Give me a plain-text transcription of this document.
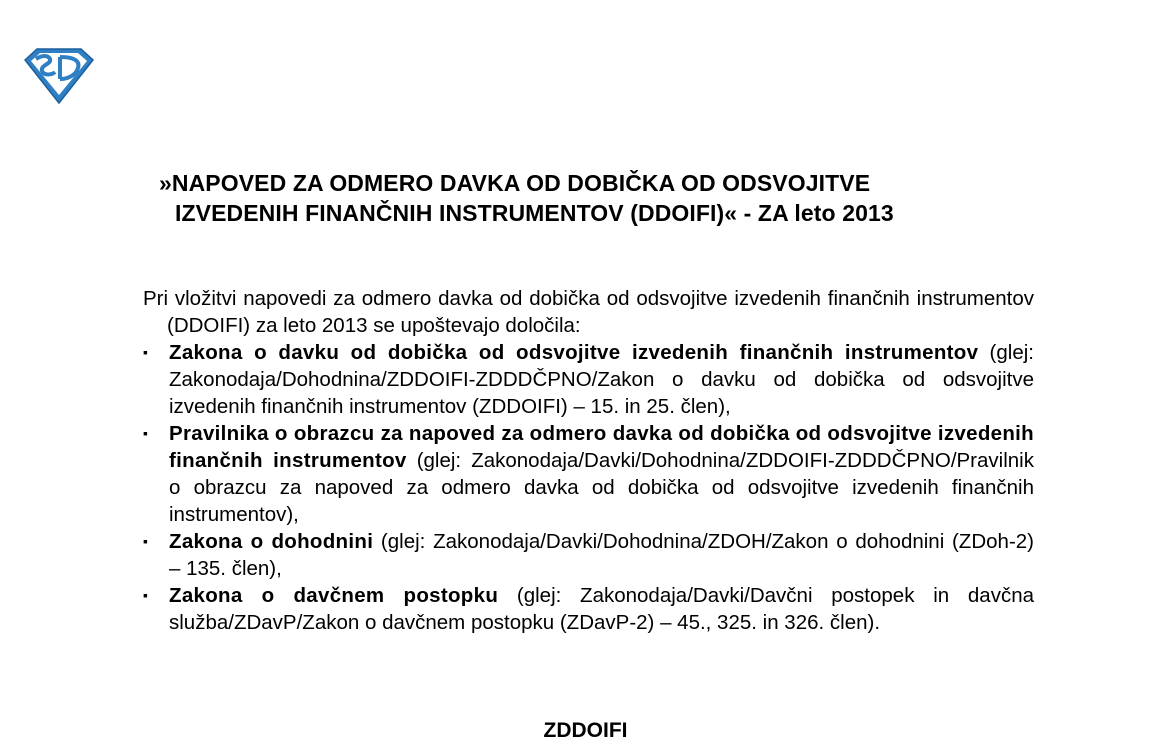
SD
»NAPOVED ZA ODMERO DAVKA OD DOBIČKA OD ODSVOJITVE
IZVEDENIH FINANČNIH INSTRUMENTOV (DDOIFI)« - ZA leto 2013

Pri vložitvi napovedi za odmero davka od dobička od odsvojitve izvedenih finančnih instrumentov (DDOIFI) za leto 2013 se upoštevajo določila:

▪ Zakona o davku od dobička od odsvojitve izvedenih finančnih instrumentov (glej: Zakonodaja/Dohodnina/ZDDOIFI-ZDDDČPNO/Zakon o davku od dobička od odsvojitve izvedenih finančnih instrumentov (ZDDOIFI) – 15. in 25. člen),
▪ Pravilnika o obrazcu za napoved za odmero davka od dobička od odsvojitve izvedenih finančnih instrumentov (glej: Zakonodaja/Davki/Dohodnina/ZDDOIFI-ZDDDČPNO/Pravilnik o obrazcu za napoved za odmero davka od dobička od odsvojitve izvedenih finančnih instrumentov),
▪ Zakona o dohodnini (glej: Zakonodaja/Davki/Dohodnina/ZDOH/Zakon o dohodnini (ZDoh-2) – 135. člen),
▪ Zakona o davčnem postopku (glej: Zakonodaja/Davki/Davčni postopek in davčna služba/ZDavP/Zakon o davčnem postopku (ZDavP-2) – 45., 325. in 326. člen).
ZDDOIFI
